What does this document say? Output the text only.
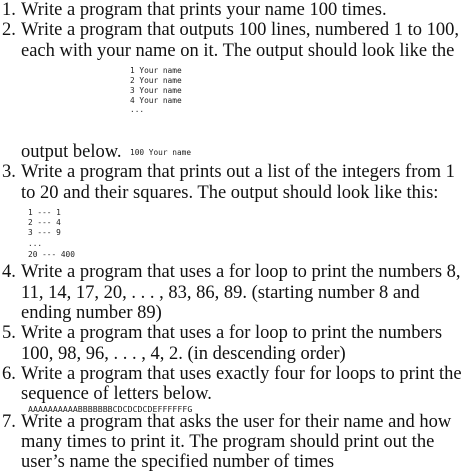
1. Write a program that prints your name 100 times.
2. Write a program that outputs 100 lines, numbered 1 to 100,
each with your name on it. The output should look like the
1 Your name
2 Your name
3 Your name
4 Your name
...
output below. 100 Your name
3. Write a program that prints out a list of the integers from 1
to 20 and their squares. The output should look like this:
1 --- 1
2 --- 4
3 --- 9
...
20 --- 400
4. Write a program that uses a for loop to print the numbers 8,
11, 14, 17, 20, . . . , 83, 86, 89. (starting number 8 and
ending number 89)
5. Write a program that uses a for loop to print the numbers
100, 98, 96, . . . , 4, 2. (in descending order)
6. Write a program that uses exactly four for loops to print the
sequence of letters below.
AAAAAAAAAABBBBBBBCDCDCDCDEFFFFFFG
7. Write a program that asks the user for their name and how
many times to print it. The program should print out the
user’s name the specified number of times
